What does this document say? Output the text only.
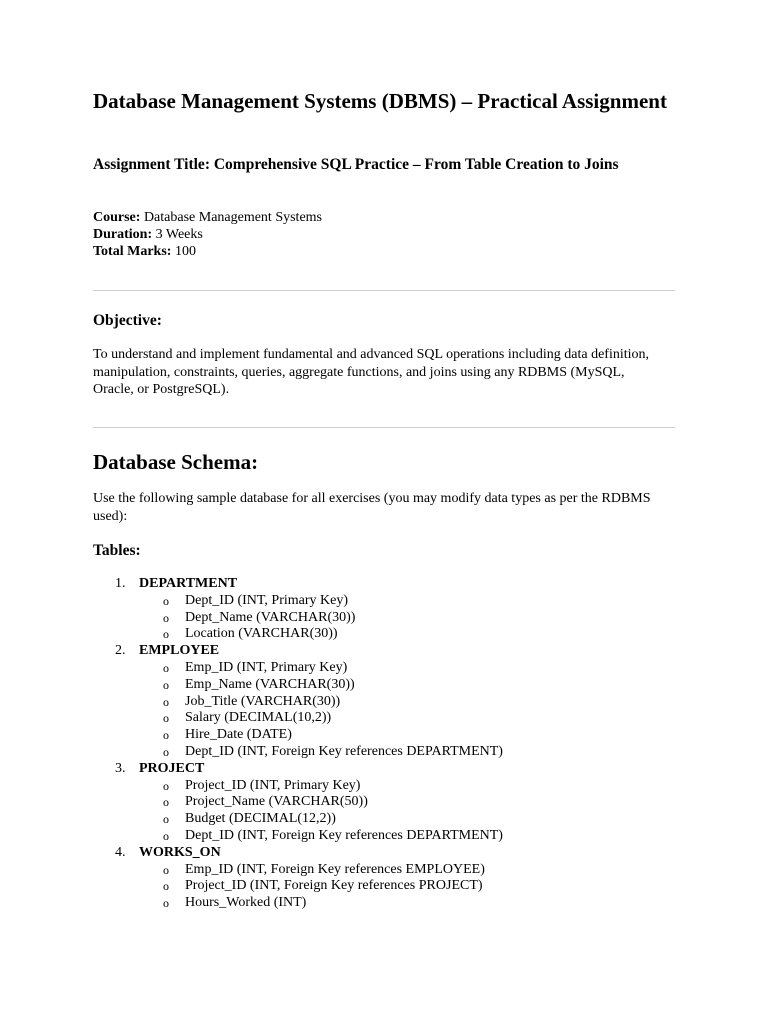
Database Management Systems (DBMS) – Practical Assignment
Assignment Title: Comprehensive SQL Practice – From Table Creation to Joins
Course: Database Management Systems
Duration: 3 Weeks
Total Marks: 100
Objective:

To understand and implement fundamental and advanced SQL operations including data definition, manipulation, constraints, queries, aggregate functions, and joins using any RDBMS (MySQL, Oracle, or PostgreSQL).

Database Schema:

Use the following sample database for all exercises (you may modify data types as per the RDBMS used):

Tables:
1. DEPARTMENT
o Dept_ID (INT, Primary Key)
o Dept_Name (VARCHAR(30))
o Location (VARCHAR(30))
2. EMPLOYEE
o Emp_ID (INT, Primary Key)
o Emp_Name (VARCHAR(30))
o Job_Title (VARCHAR(30))
o Salary (DECIMAL(10,2))
o Hire_Date (DATE)
o Dept_ID (INT, Foreign Key references DEPARTMENT)
3. PROJECT
o Project_ID (INT, Primary Key)
o Project_Name (VARCHAR(50))
o Budget (DECIMAL(12,2))
o Dept_ID (INT, Foreign Key references DEPARTMENT)
4. WORKS_ON
o Emp_ID (INT, Foreign Key references EMPLOYEE)
o Project_ID (INT, Foreign Key references PROJECT)
o Hours_Worked (INT)
